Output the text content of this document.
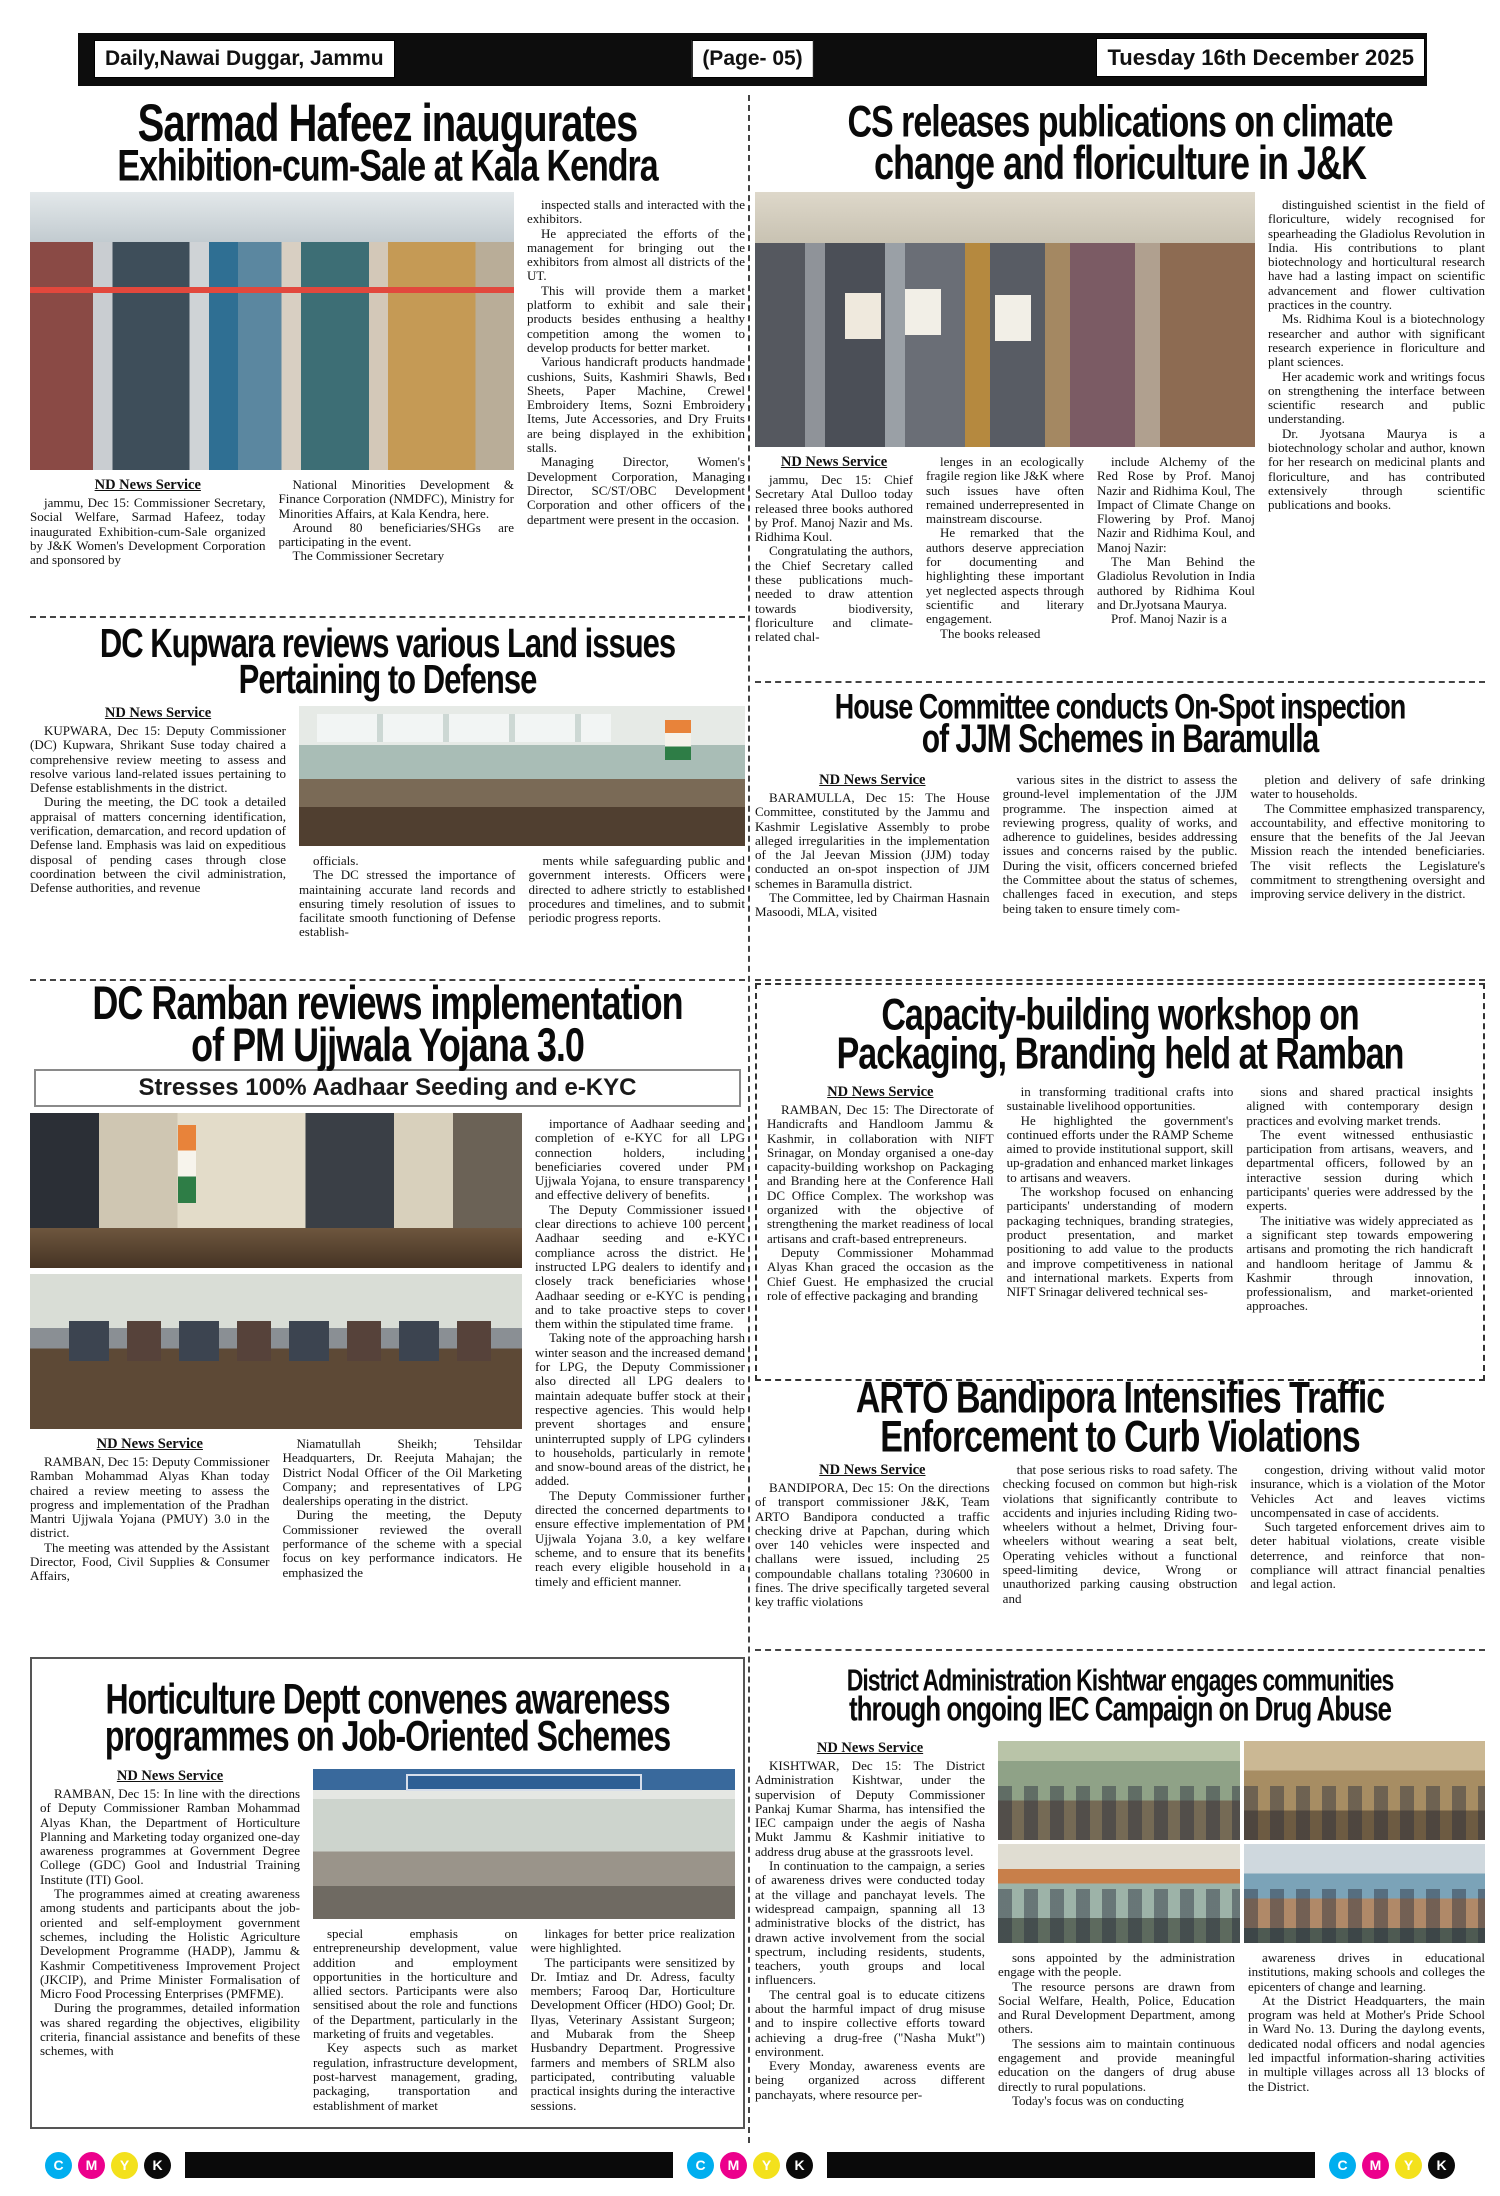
Daily,Nawai Duggar, Jammu	(Page- 05)	Tuesday 16th December 2025
Sarmad Hafeez inaugurates
Exhibition-cum-Sale at Kala Kendra
ND News Service

jammu, Dec 15: Commissioner Secretary, Social Welfare, Sarmad Hafeez, today inaugurated Exhibition-cum-Sale organized by J&K Women's Development Corporation and sponsored by

National Minorities Development & Finance Corporation (NMDFC), Ministry for Minorities Affairs, at Kala Kendra, here.

Around 80 beneficiaries/SHGs are participating in the event.

The Commissioner Secretary

inspected stalls and interacted with the exhibitors.

He appreciated the efforts of the management for bringing out the exhibitors from almost all districts of the UT.

This will provide them a market platform to exhibit and sale their products besides enthusing a healthy competition among the women to develop products for better market.

Various handicraft products handmade cushions, Suits, Kashmiri Shawls, Bed Sheets, Paper Machine, Crewel Embroidery Items, Sozni Embroidery Items, Jute Accessories, and Dry Fruits are being displayed in the exhibition stalls.

Managing Director, Women's Development Corporation, Managing Director, SC/ST/OBC Development Corporation and other officers of the department were present in the occasion.

DC Kupwara reviews various Land issues
Pertaining to Defense
ND News Service

KUPWARA, Dec 15: Deputy Commissioner (DC) Kupwara, Shrikant Suse today chaired a comprehensive review meeting to assess and resolve various land-related issues pertaining to Defense establishments in the district.

During the meeting, the DC took a detailed appraisal of matters concerning identification, verification, demarcation, and record updation of Defense land. Emphasis was laid on expeditious disposal of pending cases through close coordination between the civil administration, Defense authorities, and revenue

officials.

The DC stressed the importance of maintaining accurate land records and ensuring timely resolution of issues to facilitate smooth functioning of Defense establish-

ments while safeguarding public and government interests. Officers were directed to adhere strictly to established procedures and timelines, and to submit periodic progress reports.

DC Ramban reviews implementation
of PM Ujjwala Yojana 3.0
Stresses 100% Aadhaar Seeding and e-KYC
ND News Service

RAMBAN, Dec 15: Deputy Commissioner Ramban Mohammad Alyas Khan today chaired a review meeting to assess the progress and implementation of the Pradhan Mantri Ujjwala Yojana (PMUY) 3.0 in the district.

The meeting was attended by the Assistant Director, Food, Civil Supplies & Consumer Affairs,

Niamatullah Sheikh; Tehsildar Headquarters, Dr. Reejuta Mahajan; the District Nodal Officer of the Oil Marketing Company; and representatives of LPG dealerships operating in the district.

During the meeting, the Deputy Commissioner reviewed the overall performance of the scheme with a special focus on key performance indicators. He emphasized the

importance of Aadhaar seeding and completion of e-KYC for all LPG connection holders, including beneficiaries covered under PM Ujjwala Yojana, to ensure transparency and effective delivery of benefits.

The Deputy Commissioner issued clear directions to achieve 100 percent Aadhaar seeding and e-KYC compliance across the district. He instructed LPG dealers to identify and closely track beneficiaries whose Aadhaar seeding or e-KYC is pending and to take proactive steps to cover them within the stipulated time frame.

Taking note of the approaching harsh winter season and the increased demand for LPG, the Deputy Commissioner also directed all LPG dealers to maintain adequate buffer stock at their respective agencies. This would help prevent shortages and ensure uninterrupted supply of LPG cylinders to households, particularly in remote and snow-bound areas of the district, he added.

The Deputy Commissioner further directed the concerned departments to ensure effective implementation of PM Ujjwala Yojana 3.0, a key welfare scheme, and to ensure that its benefits reach every eligible household in a timely and efficient manner.

Horticulture Deptt convenes awareness
programmes on Job-Oriented Schemes
ND News Service

RAMBAN, Dec 15: In line with the directions of Deputy Commissioner Ramban Mohammad Alyas Khan, the Department of Horticulture Planning and Marketing today organized one-day awareness programmes at Government Degree College (GDC) Gool and Industrial Training Institute (ITI) Gool.

The programmes aimed at creating awareness among students and participants about the job-oriented and self-employment government schemes, including the Holistic Agriculture Development Programme (HADP), Jammu & Kashmir Competitiveness Improvement Project (JKCIP), and Prime Minister Formalisation of Micro Food Processing Enterprises (PMFME).

During the programmes, detailed information was shared regarding the objectives, eligibility criteria, financial assistance and benefits of these schemes, with

special emphasis on entrepreneurship development, value addition and employment opportunities in the horticulture and allied sectors. Participants were also sensitised about the role and functions of the Department, particularly in the marketing of fruits and vegetables.

Key aspects such as market regulation, infrastructure development, post-harvest management, grading, packaging, transportation and establishment of market

linkages for better price realization were highlighted.

The participants were sensitized by Dr. Imtiaz and Dr. Adress, faculty members; Farooq Dar, Horticulture Development Officer (HDO) Gool; Dr. Ilyas, Veterinary Assistant Surgeon; and Mubarak from the Sheep Husbandry Department. Progressive farmers and members of SRLM also participated, contributing valuable practical insights during the interactive sessions.

CS releases publications on climate
change and floriculture in J&K
ND News Service

jammu, Dec 15: Chief Secretary Atal Dulloo today released three books authored by Prof. Manoj Nazir and Ms. Ridhima Koul.

Congratulating the authors, the Chief Secretary called these publications much-needed to draw attention towards biodiversity, floriculture and climate-related chal-

lenges in an ecologically fragile region like J&K where such issues have often remained underrepresented in mainstream discourse.

He remarked that the authors deserve appreciation for documenting and highlighting these important yet neglected aspects through scientific and literary engagement.

The books released

include Alchemy of the Red Rose by Prof. Manoj Nazir and Ridhima Koul, The Impact of Climate Change on Flowering by Prof. Manoj Nazir and Ridhima Koul, and Manoj Nazir:

The Man Behind the Gladiolus Revolution in India authored by Ridhima Koul and Dr.Jyotsana Maurya.

Prof. Manoj Nazir is a

distinguished scientist in the field of floriculture, widely recognised for spearheading the Gladiolus Revolution in India. His contributions to plant biotechnology and horticultural research have had a lasting impact on scientific advancement and flower cultivation practices in the country.

Ms. Ridhima Koul is a biotechnology researcher and author with significant research experience in floriculture and plant sciences.

Her academic work and writings focus on strengthening the interface between scientific research and public understanding.

Dr. Jyotsana Maurya is a biotechnology scholar and author, known for her research on medicinal plants and floriculture, and has contributed extensively through scientific publications and books.

House Committee conducts On-Spot inspection
of JJM Schemes in Baramulla
ND News Service

BARAMULLA, Dec 15: The House Committee, constituted by the Jammu and Kashmir Legislative Assembly to probe alleged irregularities in the implementation of the Jal Jeevan Mission (JJM) today conducted an on-spot inspection of JJM schemes in Baramulla district.

The Committee, led by Chairman Hasnain Masoodi, MLA, visited

various sites in the district to assess the ground-level implementation of the JJM programme. The inspection aimed at reviewing progress, quality of works, and adherence to guidelines, besides addressing issues and concerns raised by the public. During the visit, officers concerned briefed the Committee about the status of schemes, challenges faced in execution, and steps being taken to ensure timely com-

pletion and delivery of safe drinking water to households.

The Committee emphasized transparency, accountability, and effective monitoring to ensure that the benefits of the Jal Jeevan Mission reach the intended beneficiaries. The visit reflects the Legislature's commitment to strengthening oversight and improving service delivery in the district.

Capacity-building workshop on
Packaging, Branding held at Ramban
ND News Service

RAMBAN, Dec 15: The Directorate of Handicrafts and Handloom Jammu & Kashmir, in collaboration with NIFT Srinagar, on Monday organised a one-day capacity-building workshop on Packaging and Branding here at the Conference Hall DC Office Complex. The workshop was organized with the objective of strengthening the market readiness of local artisans and craft-based entrepreneurs.

Deputy Commissioner Mohammad Alyas Khan graced the occasion as the Chief Guest. He emphasized the crucial role of effective packaging and branding

in transforming traditional crafts into sustainable livelihood opportunities.

He highlighted the government's continued efforts under the RAMP Scheme aimed to provide institutional support, skill up-gradation and enhanced market linkages to artisans and weavers.

The workshop focused on enhancing participants' understanding of modern packaging techniques, branding strategies, product presentation, and market positioning to add value to the products and improve competitiveness in national and international markets. Experts from NIFT Srinagar delivered technical ses-

sions and shared practical insights aligned with contemporary design practices and evolving market trends.

The event witnessed enthusiastic participation from artisans, weavers, and departmental officers, followed by an interactive session during which participants' queries were addressed by the experts.

The initiative was widely appreciated as a significant step towards empowering artisans and promoting the rich handicraft and handloom heritage of Jammu & Kashmir through innovation, professionalism, and market-oriented approaches.

ARTO Bandipora Intensifies Traffic
Enforcement to Curb Violations
ND News Service

BANDIPORA, Dec 15: On the directions of transport commissioner J&K, Team ARTO Bandipora conducted a traffic checking drive at Papchan, during which over 140 vehicles were inspected and challans were issued, including 25 compoundable challans totaling ?30600 in fines. The drive specifically targeted several key traffic violations

that pose serious risks to road safety. The checking focused on common but high-risk violations that significantly contribute to accidents and injuries including Riding two-wheelers without a helmet, Driving four-wheelers without wearing a seat belt, Operating vehicles without a functional speed-limiting device, Wrong or unauthorized parking causing obstruction and

congestion, driving without valid motor insurance, which is a violation of the Motor Vehicles Act and leaves victims uncompensated in case of accidents.

Such targeted enforcement drives aim to deter habitual violations, create visible deterrence, and reinforce that non-compliance will attract financial penalties and legal action.

District Administration Kishtwar engages communities
through ongoing IEC Campaign on Drug Abuse
ND News Service

KISHTWAR, Dec 15: The District Administration Kishtwar, under the supervision of Deputy Commissioner Pankaj Kumar Sharma, has intensified the IEC campaign under the aegis of Nasha Mukt Jammu & Kashmir initiative to address drug abuse at the grassroots level.

In continuation to the campaign, a series of awareness drives were conducted today at the village and panchayat levels. The widespread campaign, spanning all 13 administrative blocks of the district, has drawn active involvement from the social spectrum, including residents, students, teachers, youth groups and local influencers.

The central goal is to educate citizens about the harmful impact of drug misuse and to inspire collective efforts toward achieving a drug-free ("Nasha Mukt") environment.

Every Monday, awareness events are being organized across different panchayats, where resource per-

sons appointed by the administration engage with the people.

The resource persons are drawn from Social Welfare, Health, Police, Education and Rural Development Department, among others.

The sessions aim to maintain continuous engagement and provide meaningful education on the dangers of drug abuse directly to rural populations.

Today's focus was on conducting

awareness drives in educational institutions, making schools and colleges the epicenters of change and learning.

At the District Headquarters, the main program was held at Mother's Pride School in Ward No. 13. During the daylong events, dedicated nodal officers and nodal agencies led impactful information-sharing activities in multiple villages across all 13 blocks of the District.

C	M	Y	K	C	M	Y	K	C	M	Y	K
